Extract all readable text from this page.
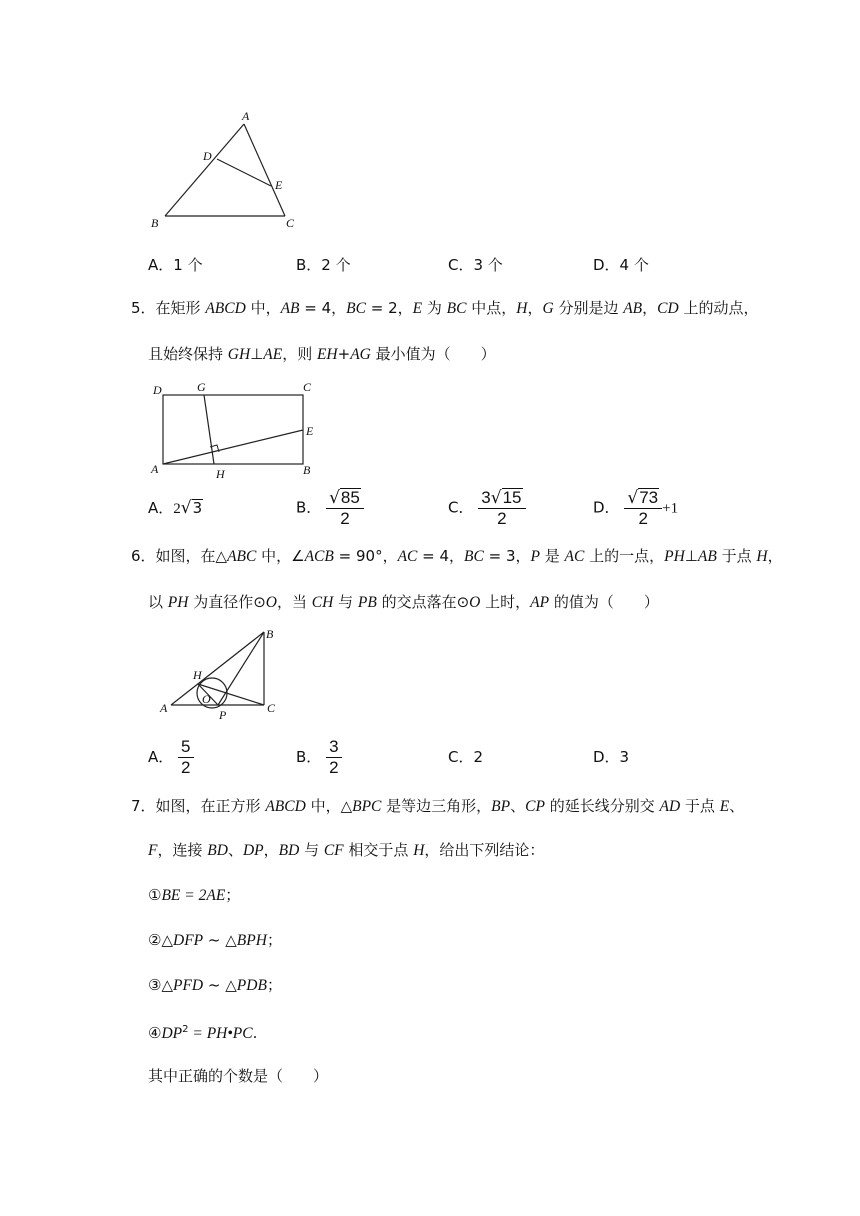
A
D
E
B	C
A．1 个	B．2 个	C．3 个	D．4 个
5．在矩形 ABCD 中，AB = 4，BC = 2，E 为 BC 中点，H，G 分别是边 AB，CD 上的动点，
且始终保持 GH⊥AE，则 EH+AG 最小值为（　　）
D	G	C
E
A	H	B
A．2√3	B． $\frac{√85}{2}$	C． $\frac{3√15}{2}$	D． $\frac{√73}{2} +1$
6．如图，在△ABC 中，∠ACB = 90°，AC = 4，BC = 3，P 是 AC 上的一点，PH⊥AB 于点 H，
以 PH 为直径作⊙O，当 CH 与 PB 的交点落在⊙O 上时，AP 的值为（　　）
B
H
O
A	P	C
A． $\frac{5}{2}$	B． $\frac{3}{2}$	C．2	D．3
7．如图，在正方形 ABCD 中，△BPC 是等边三角形，BP、CP 的延长线分别交 AD 于点 E、
F，连接 BD、DP，BD 与 CF 相交于点 H，给出下列结论：
①BE = 2AE；
②△DFP ~ △BPH；
③△PFD ~ △PDB；
$④DP^2$ = PH•PC.
其中正确的个数是（　　）
